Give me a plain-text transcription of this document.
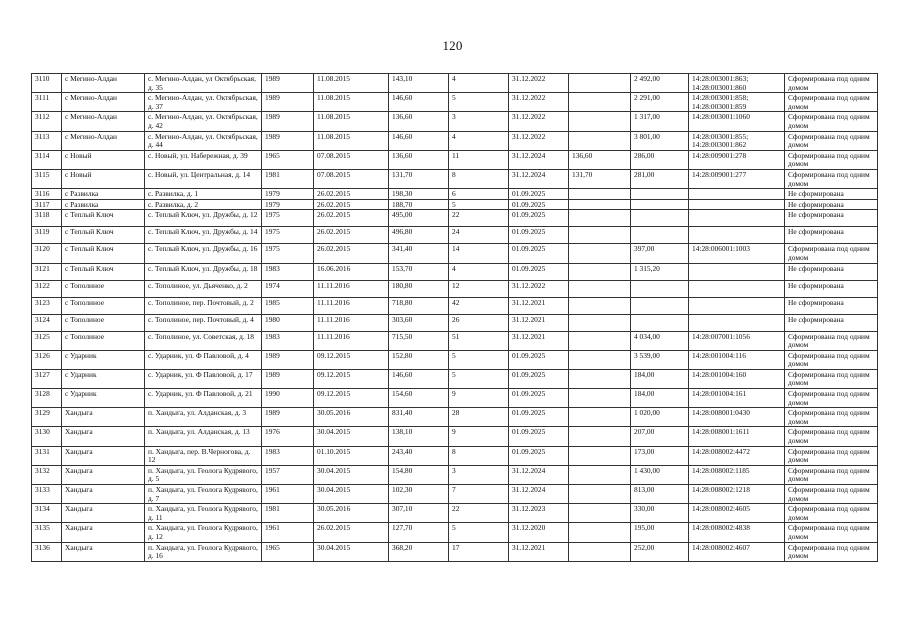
120
3110	с Мегино-Алдан	с. Мегино-Алдан, ул Октябрьская, д. 35	1989	11.08.2015	143,10	4	31.12.2022		2 492,00	14:28:003001:863; 14:28:003001:860	Сформирована под одним домом
3111	с Мегино-Алдан	с. Мегино-Алдан, ул. Октябрьская, д. 37	1989	11.08.2015	146,60	5	31.12.2022		2 291,00	14:28:003001:858; 14:28:003001:859	Сформирована под одним домом
3112	с Мегино-Алдан	с. Мегино-Алдан, ул. Октябрьская, д. 42	1989	11.08.2015	136,60	3	31.12.2022		1 317,00	14:28:003001:1060	Сформирована под одним домом
3113	с Мегино-Алдан	с. Мегино-Алдан, ул. Октябрьская, д. 44	1989	11.08.2015	146,60	4	31.12.2022		3 801,00	14:28:003001:855; 14:28:003001:862	Сформирована под одним домом
3114	с Новый	с. Новый, ул. Набережная, д. 39	1965	07.08.2015	136,60	11	31.12.2024	136,60	286,00	14:28:009001:278	Сформирована под одним домом
3115	с Новый	с. Новый, ул. Центральная, д. 14	1981	07.08.2015	131,70	8	31.12.2024	131,70	281,00	14:28:009001:277	Сформирована под одним домом
3116	с Развилка	с. Развилка, д. 1	1979	26.02.2015	198,30	6	01.09.2025				Не сформирована
3117	с Развилка	с. Развилка, д. 2	1979	26.02.2015	188,70	5	01.09.2025				Не сформирована
3118	с Теплый Ключ	с. Теплый Ключ, ул. Дружбы, д. 12	1975	26.02.2015	495,00	22	01.09.2025				Не сформирована
3119	с Теплый Ключ	с. Теплый Ключ, ул. Дружбы, д. 14	1975	26.02.2015	496,80	24	01.09.2025				Не сформирована
3120	с Теплый Ключ	с. Теплый Ключ, ул. Дружбы, д. 16	1975	26.02.2015	341,40	14	01.09.2025		397,00	14:28:006001:1003	Сформирована под одним домом
3121	с Теплый Ключ	с. Теплый Ключ, ул. Дружбы, д. 18	1983	16.06.2016	153,70	4	01.09.2025		1 315,20		Не сформирована
3122	с Тополиное	с. Тополиное, ул. Дьяченко, д. 2	1974	11.11.2016	180,80	12	31.12.2022				Не сформирована
3123	с Тополиное	с. Тополиное, пер. Почтовый, д. 2	1985	11.11.2016	718,80	42	31.12.2021				Не сформирована
3124	с Тополиное	с. Тополиное, пер. Почтовый, д. 4	1980	11.11.2016	303,60	26	31.12.2021				Не сформирована
3125	с Тополиное	с. Тополиное, ул. Советская, д. 18	1983	11.11.2016	715,50	51	31.12.2021		4 034,00	14:28:007001:1056	Сформирована под одним домом
3126	с Ударник	с. Ударник, ул. Ф Павловой, д. 4	1989	09.12.2015	152,80	5	01.09.2025		3 539,00	14:28:001004:116	Сформирована под одним домом
3127	с Ударник	с. Ударник, ул. Ф Павловой, д. 17	1989	09.12.2015	146,60	5	01.09.2025		184,00	14:28:001004:160	Сформирована под одним домом
3128	с Ударник	с. Ударник, ул. Ф Павловой, д. 21	1990	09.12.2015	154,60	9	01.09.2025		184,00	14:28:001004:161	Сформирована под одним домом
3129	Хандыга	п. Хандыга, ул. Алданская, д. 3	1989	30.05.2016	831,40	28	01.09.2025		1 020,00	14:28:008001:0430	Сформирована под одним домом
3130	Хандыга	п. Хандыга, ул. Алданская, д. 13	1976	30.04.2015	138,10	9	01.09.2025		207,00	14:28:008001:1611	Сформирована под одним домом
3131	Хандыга	п. Хандыга, пер. В.Черногова, д. 12	1983	01.10.2015	243,40	8	01.09.2025		173,00	14:28:008002:4472	Сформирована под одним домом
3132	Хандыга	п. Хандыга, ул. Геолога Кудрявого, д. 5	1957	30.04.2015	154,80	3	31.12.2024		1 430,00	14:28:008002:1185	Сформирована под одним домом
3133	Хандыга	п. Хандыга, ул. Геолога Кудрявого, д. 7	1961	30.04.2015	102,30	7	31.12.2024		813,00	14:28:008002:1218	Сформирована под одним домом
3134	Хандыга	п. Хандыга, ул. Геолога Кудрявого, д. 11	1981	30.05.2016	307,10	22	31.12.2023		330,00	14:28:008002:4605	Сформирована под одним домом
3135	Хандыга	п. Хандыга, ул. Геолога Кудрявого, д. 12	1961	26.02.2015	127,70	5	31.12.2020		195,00	14:28:008002:4838	Сформирована под одним домом
3136	Хандыга	п. Хандыга, ул. Геолога Кудрявого, д. 16	1965	30.04.2015	368,20	17	31.12.2021		252,00	14:28:008002:4607	Сформирована под одним домом
